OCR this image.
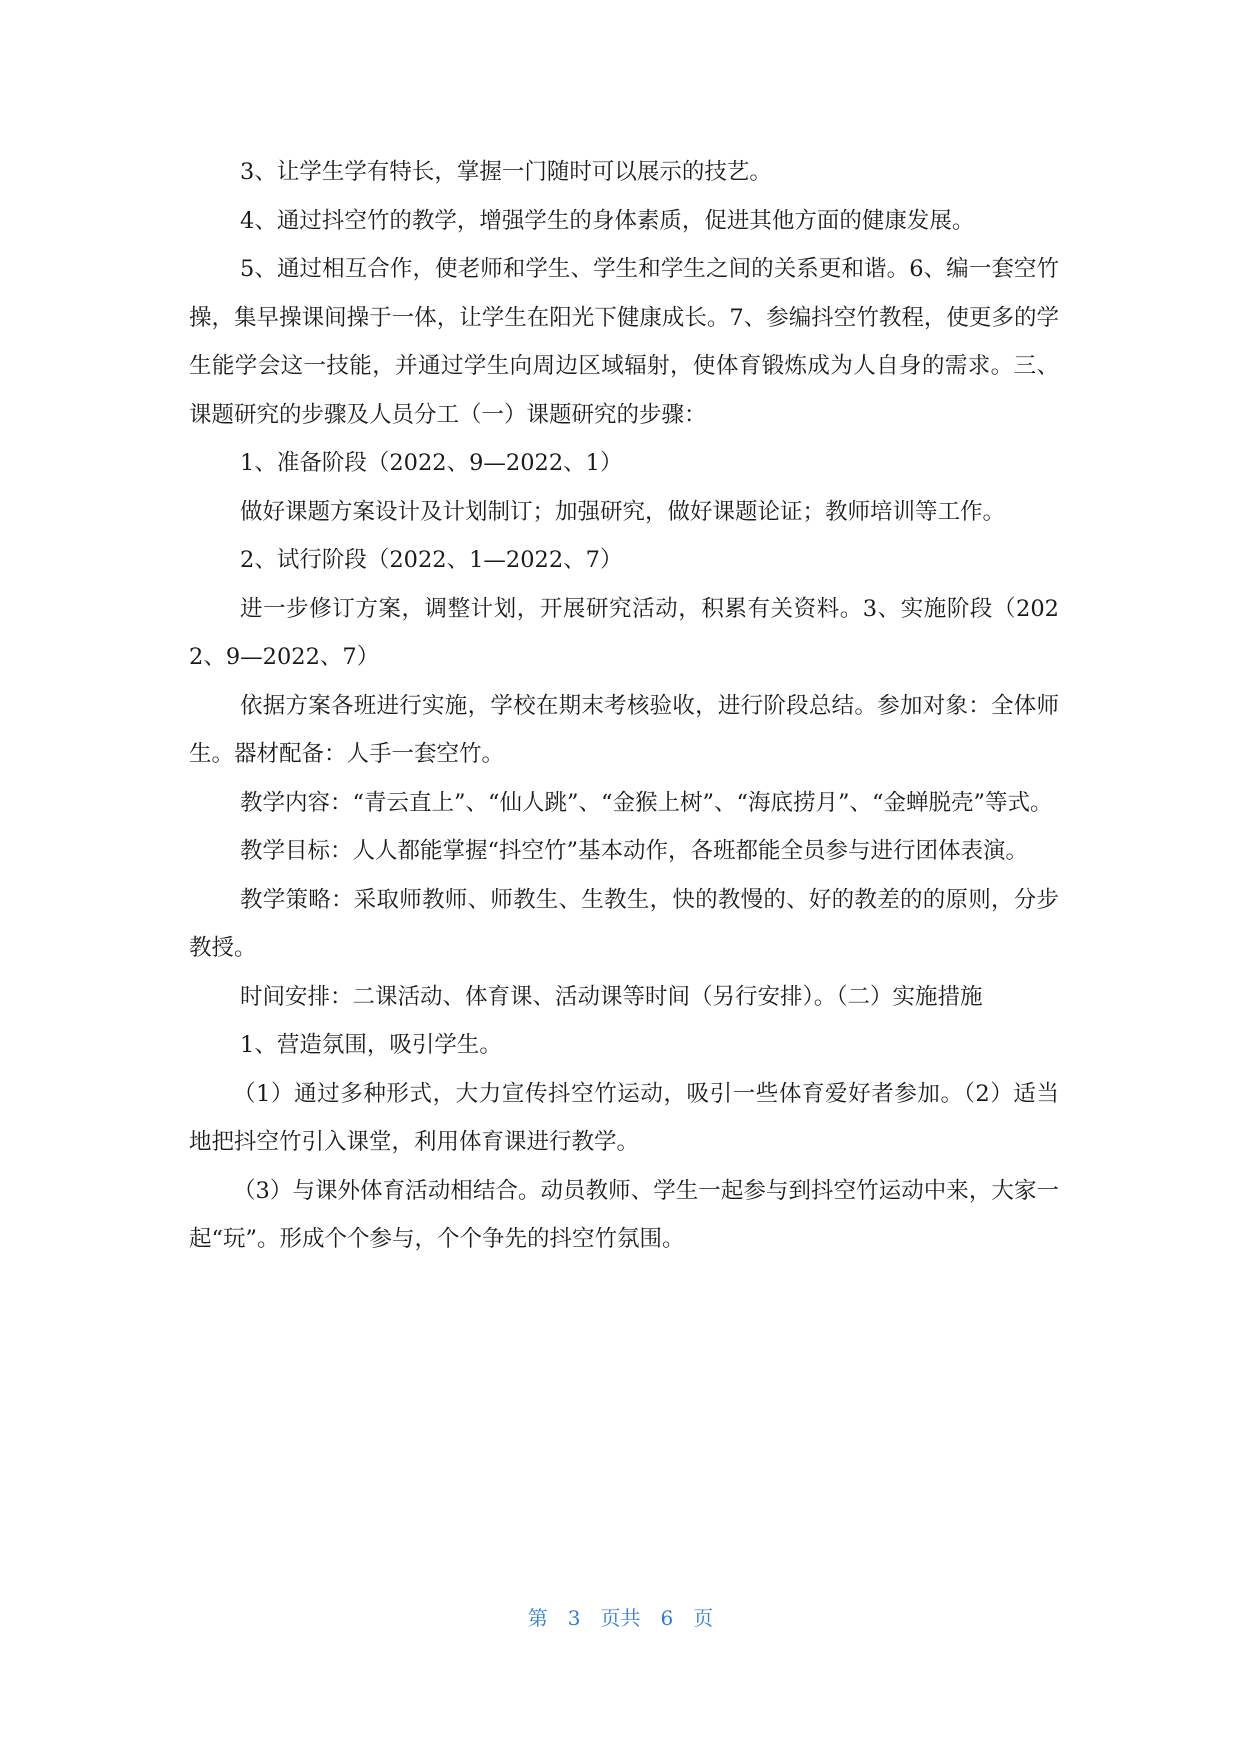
3、让学生学有特长，掌握一门随时可以展示的技艺。

4、通过抖空竹的教学，增强学生的身体素质，促进其他方面的健康发展。

5、通过相互合作，使老师和学生、学生和学生之间的关系更和谐。6、编一套空竹操，集早操课间操于一体，让学生在阳光下健康成长。7、参编抖空竹教程，使更多的学生能学会这一技能，并通过学生向周边区域辐射，使体育锻炼成为人自身的需求。三、课题研究的步骤及人员分工（一）课题研究的步骤：

1、准备阶段（2022、9—2022、1）

做好课题方案设计及计划制订；加强研究，做好课题论证；教师培训等工作。

2、试行阶段（2022、1—2022、7）

进一步修订方案，调整计划，开展研究活动，积累有关资料。3、实施阶段（2022、9—2022、7）

依据方案各班进行实施，学校在期末考核验收，进行阶段总结。参加对象：全体师生。器材配备：人手一套空竹。

教学内容：“青云直上”、“仙人跳”、“金猴上树”、“海底捞月”、“金蝉脱壳”等式。

教学目标：人人都能掌握“抖空竹”基本动作，各班都能全员参与进行团体表演。

教学策略：采取师教师、师教生、生教生，快的教慢的、好的教差的的原则，分步教授。

时间安排：二课活动、体育课、活动课等时间（另行安排）。（二）实施措施

1、营造氛围，吸引学生。

（1）通过多种形式，大力宣传抖空竹运动，吸引一些体育爱好者参加。（2）适当地把抖空竹引入课堂，利用体育课进行教学。

（3）与课外体育活动相结合。动员教师、学生一起参与到抖空竹运动中来，大家一起“玩”。形成个个参与，个个争先的抖空竹氛围。

第 3 页共 6 页
